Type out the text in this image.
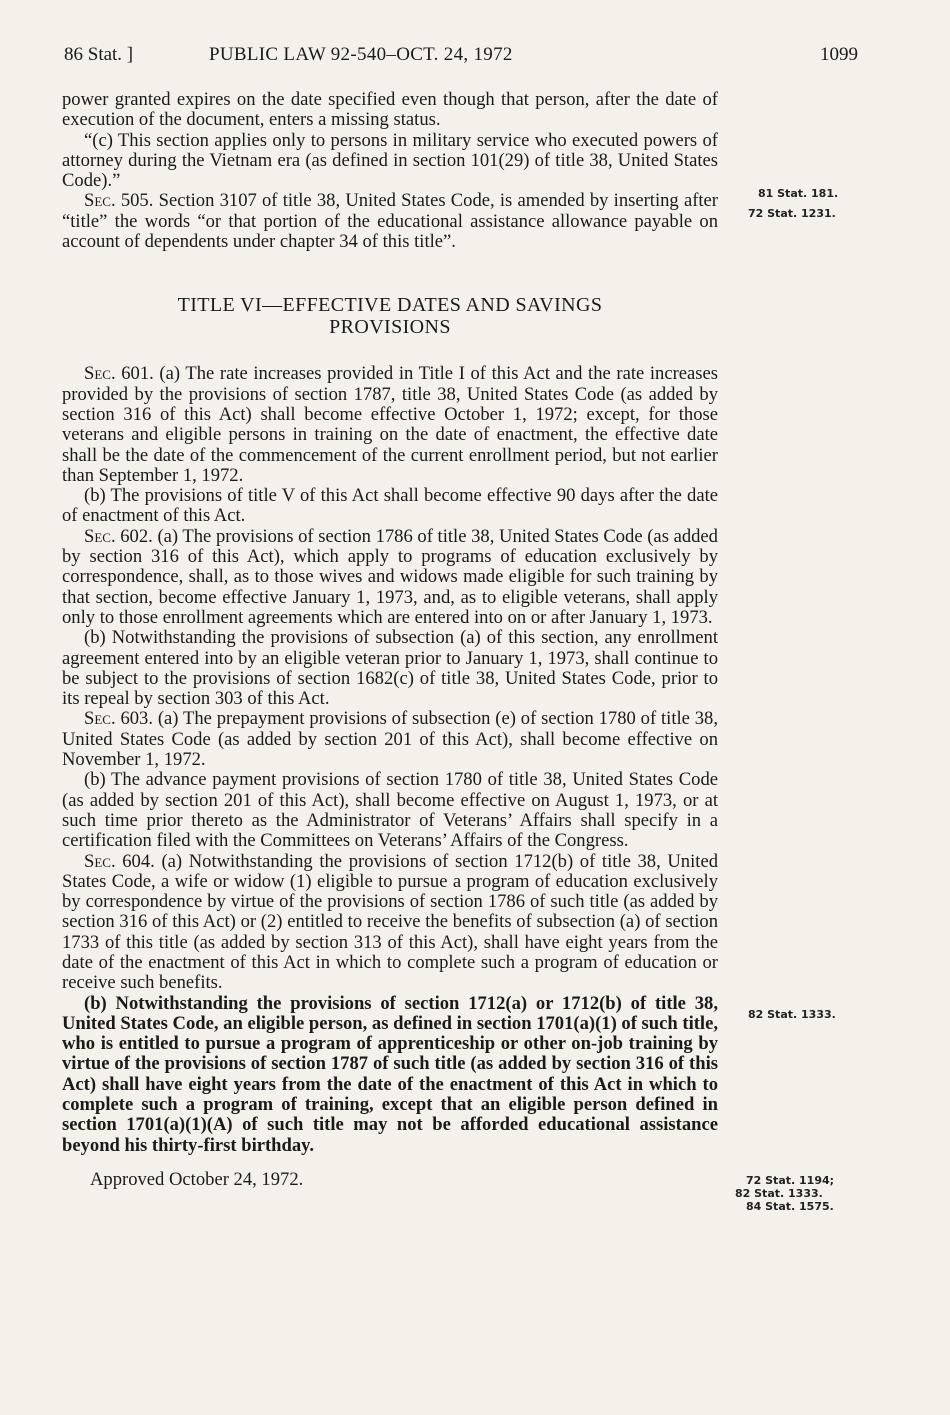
86 Stat. ]	PUBLIC LAW 92-540–OCT. 24, 1972	1099

power granted expires on the date specified even though that person, after the date of execution of the document, enters a missing status.

“(c) This section applies only to persons in military service who executed powers of attorney during the Vietnam era (as defined in section 101(29) of title 38, United States Code).”

Sec. 505. Section 3107 of title 38, United States Code, is amended by inserting after “title” the words “or that portion of the educational assistance allowance payable on account of dependents under chapter 34 of this title”.

TITLE VI—EFFECTIVE DATES AND SAVINGS
PROVISIONS

Sec. 601. (a) The rate increases provided in Title I of this Act and the rate increases provided by the provisions of section 1787, title 38, United States Code (as added by section 316 of this Act) shall become effective October 1, 1972; except, for those veterans and eligible persons in training on the date of enactment, the effective date shall be the date of the commencement of the current enrollment period, but not earlier than September 1, 1972.

(b) The provisions of title V of this Act shall become effective 90 days after the date of enactment of this Act.

Sec. 602. (a) The provisions of section 1786 of title 38, United States Code (as added by section 316 of this Act), which apply to programs of education exclusively by correspondence, shall, as to those wives and widows made eligible for such training by that section, become effective January 1, 1973, and, as to eligible veterans, shall apply only to those enrollment agreements which are entered into on or after January 1, 1973.

(b) Notwithstanding the provisions of subsection (a) of this section, any enrollment agreement entered into by an eligible veteran prior to January 1, 1973, shall continue to be subject to the provisions of section 1682(c) of title 38, United States Code, prior to its repeal by section 303 of this Act.

Sec. 603. (a) The prepayment provisions of subsection (e) of section 1780 of title 38, United States Code (as added by section 201 of this Act), shall become effective on November 1, 1972.

(b) The advance payment provisions of section 1780 of title 38, United States Code (as added by section 201 of this Act), shall become effective on August 1, 1973, or at such time prior thereto as the Administrator of Veterans’ Affairs shall specify in a certification filed with the Committees on Veterans’ Affairs of the Congress.

Sec. 604. (a) Notwithstanding the provisions of section 1712(b) of title 38, United States Code, a wife or widow (1) eligible to pursue a program of education exclusively by correspondence by virtue of the provisions of section 1786 of such title (as added by section 316 of this Act) or (2) entitled to receive the benefits of subsection (a) of section 1733 of this title (as added by section 313 of this Act), shall have eight years from the date of the enactment of this Act in which to complete such a program of education or receive such benefits.

(b) Notwithstanding the provisions of section 1712(a) or 1712(b) of title 38, United States Code, an eligible person, as defined in section 1701(a)(1) of such title, who is entitled to pursue a program of apprenticeship or other on-job training by virtue of the provisions of section 1787 of such title (as added by section 316 of this Act) shall have eight years from the date of the enactment of this Act in which to complete such a program of training, except that an eligible person defined in section 1701(a)(1)(A) of such title may not be afforded educational assistance beyond his thirty-first birthday.

Approved October 24, 1972.

81 Stat. 181.
72 Stat. 1231.
82 Stat. 1333.
72 Stat. 1194;
82 Stat. 1333.
84 Stat. 1575.
